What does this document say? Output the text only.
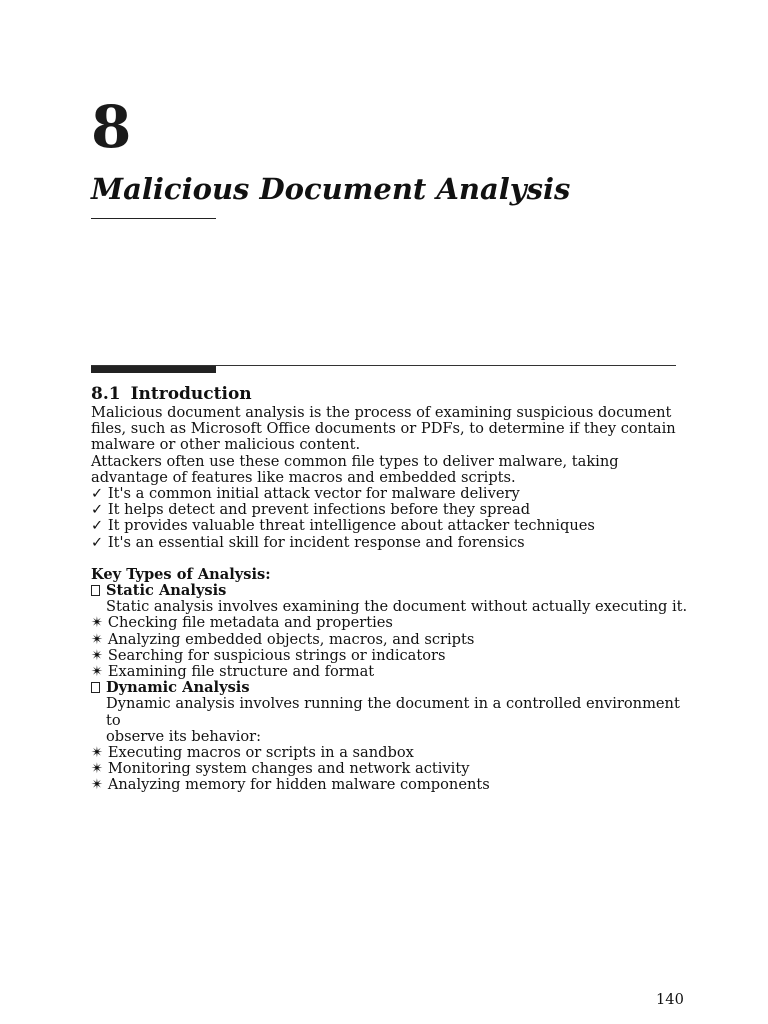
8
Malicious Document Analysis
8.1 Introduction

Malicious document analysis is the process of examining suspicious document files, such as Microsoft Office documents or PDFs, to determine if they contain malware or other malicious content.

Attackers often use these common file types to deliver malware, taking advantage of features like macros and embedded scripts.

✓ It's a common initial attack vector for malware delivery

✓ It helps detect and prevent infections before they spread

✓ It provides valuable threat intelligence about attacker techniques

✓ It's an essential skill for incident response and forensics

Key Types of Analysis:

Static Analysis

Static analysis involves examining the document without actually executing it.

✴ Checking file metadata and properties

✴ Analyzing embedded objects, macros, and scripts

✴ Searching for suspicious strings or indicators

✴ Examining file structure and format

Dynamic Analysis

Dynamic analysis involves running the document in a controlled environment to

observe its behavior:

✴ Executing macros or scripts in a sandbox

✴ Monitoring system changes and network activity

✴ Analyzing memory for hidden malware components

140
